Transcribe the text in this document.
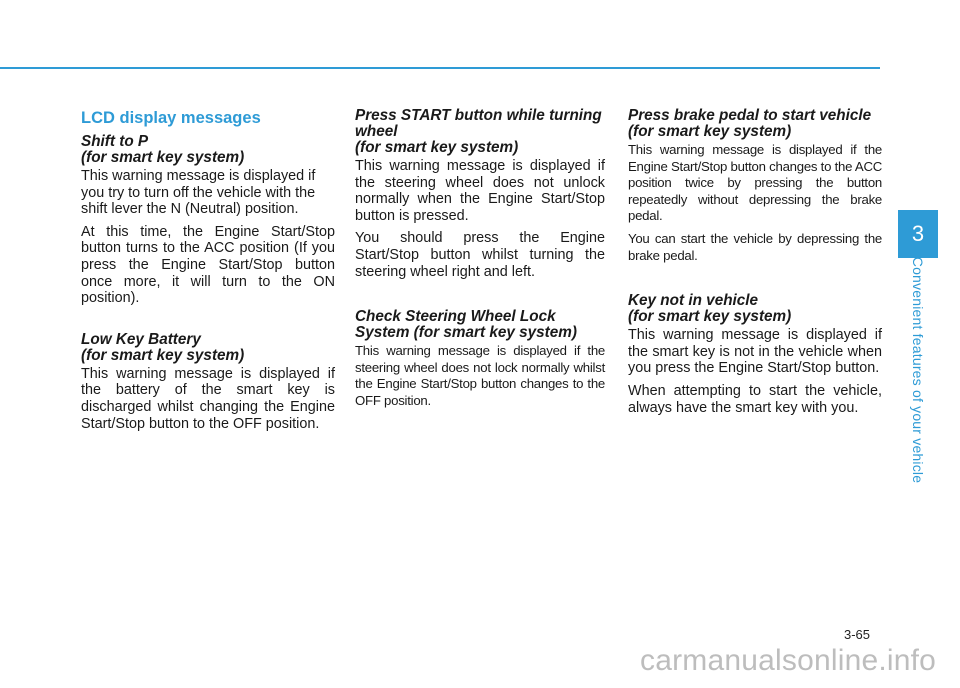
LCD display messages
Shift to P
(for smart key system)

This warning message is displayed if you try to turn off the vehicle with the shift lever the N (Neutral) position.

At this time, the Engine Start/Stop button turns to the ACC position (If you press the Engine Start/Stop button once more, it will turn to the ON position).

Low Key Battery
(for smart key system)

This warning message is displayed if the battery of the smart key is discharged whilst changing the Engine Start/Stop button to the OFF position.

Press START button while turning wheel
(for smart key system)

This warning message is displayed if the steering wheel does not unlock normally when the Engine Start/Stop button is pressed.

You should press the Engine Start/Stop button whilst turning the steering wheel right and left.

Check Steering Wheel Lock System (for smart key system)

This warning message is displayed if the steering wheel does not lock normally whilst the Engine Start/Stop button changes to the OFF position.

Press brake pedal to start vehicle (for smart key system)

This warning message is displayed if the Engine Start/Stop button changes to the ACC position twice by pressing the button repeatedly without depressing the brake pedal.

You can start the vehicle by depressing the brake pedal.

Key not in vehicle
(for smart key system)

This warning message is displayed if the smart key is not in the vehicle when you press the Engine Start/Stop button.

When attempting to start the vehicle, always have the smart key with you.

3
Convenient features of your vehicle
3-65
carmanualsonline.info
